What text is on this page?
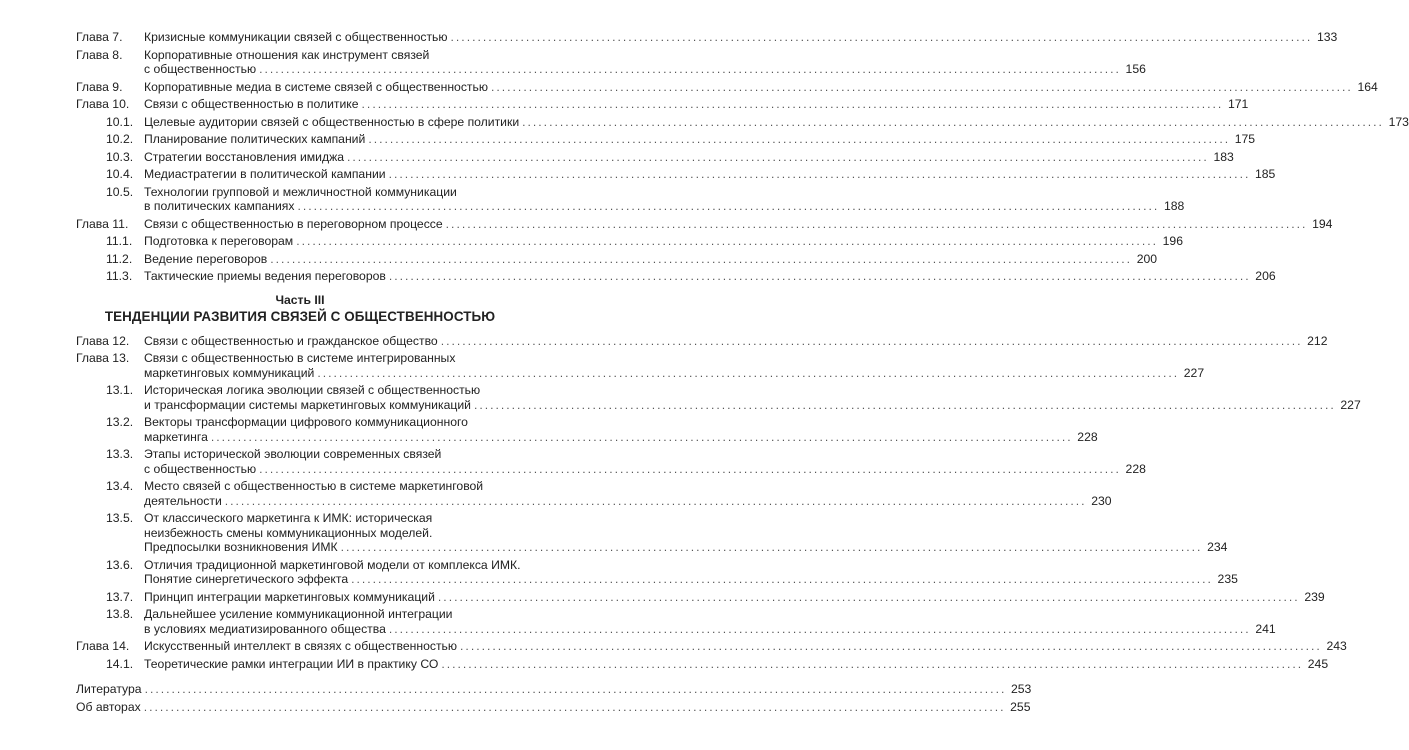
Глава 7.	Кризисные коммуникации связей с общественностью .....	133
Глава 8.	Корпоративные отношения как инструмент связей
с общественностью .....	156
Глава 9.	Корпоративные медиа в системе связей с общественностью .....	164
Глава 10.	Связи с общественностью в политике .....	171
10.1. Целевые аудитории связей с общественностью в сфере политики .....	173
10.2. Планирование политических кампаний .....	175
10.3. Стратегии восстановления имиджа .....	183
10.4. Медиастратегии в политической кампании .....	185
10.5. Технологии групповой и межличностной коммуникации
в политических кампаниях .....	188
Глава 11.	Связи с общественностью в переговорном процессе .....	194
11.1. Подготовка к переговорам .....	196
11.2. Ведение переговоров .....	200
11.3. Тактические приемы ведения переговоров .....	206
Часть III
ТЕНДЕНЦИИ РАЗВИТИЯ СВЯЗЕЙ С ОБЩЕСТВЕННОСТЬЮ
Глава 12.	Связи с общественностью и гражданское общество .....	212
Глава 13.	Связи с общественностью в системе интегрированных
маркетинговых коммуникаций .....	227
13.1. Историческая логика эволюции связей с общественностью
и трансформации системы маркетинговых коммуникаций .....	227
13.2. Векторы трансформации цифрового коммуникационного
маркетинга .....	228
13.3. Этапы исторической эволюции современных связей
с общественностью .....	228
13.4. Место связей с общественностью в системе маркетинговой
деятельности .....	230
13.5. От классического маркетинга к ИМК: историческая
неизбежность смены коммуникационных моделей.
Предпосылки возникновения ИМК .....	234
13.6. Отличия традиционной маркетинговой модели от комплекса ИМК.
Понятие синергетического эффекта .....	235
13.7. Принцип интеграции маркетинговых коммуникаций .....	239
13.8. Дальнейшее усиление коммуникационной интеграции
в условиях медиатизированного общества .....	241
Глава 14.	Искусственный интеллект в связях с общественностью .....	243
14.1. Теоретические рамки интеграции ИИ в практику СО .....	245
Литература .....	253
Об авторах .....	255
